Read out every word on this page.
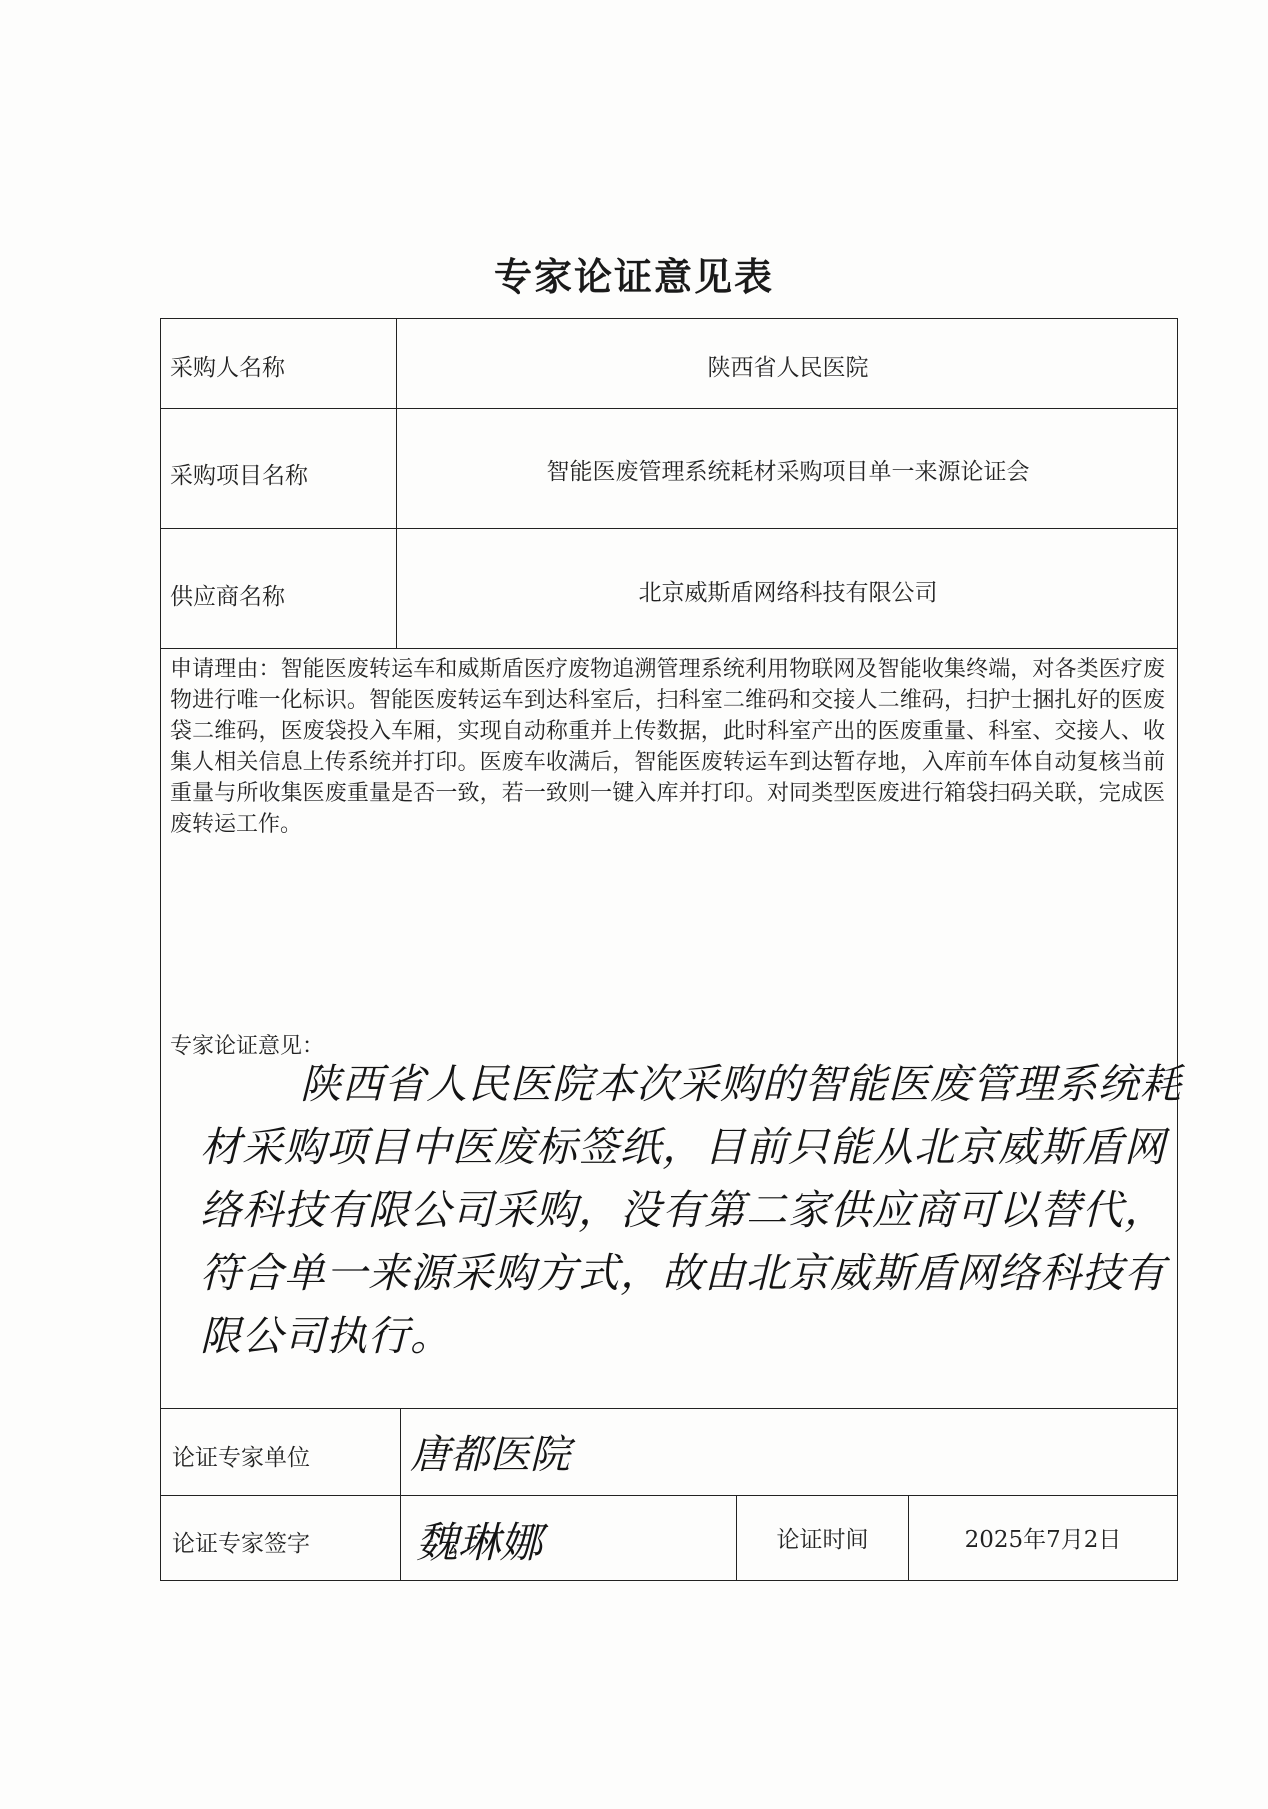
专家论证意见表
采购人名称	陕西省人民医院
采购项目名称	智能医废管理系统耗材采购项目单一来源论证会
供应商名称	北京威斯盾网络科技有限公司
申请理由：智能医废转运车和威斯盾医疗废物追溯管理系统利用物联网及智能收集终端，对各类医疗废物进行唯一化标识。智能医废转运车到达科室后，扫科室二维码和交接人二维码，扫护士捆扎好的医废袋二维码，医废袋投入车厢，实现自动称重并上传数据，此时科室产出的医废重量、科室、交接人、收集人相关信息上传系统并打印。医废车收满后，智能医废转运车到达暂存地，入库前车体自动复核当前重量与所收集医废重量是否一致，若一致则一键入库并打印。对同类型医废进行箱袋扫码关联，完成医废转运工作。
专家论证意见：
陕西省人民医院本次采购的智能医废管理系统耗
材采购项目中医废标签纸，目前只能从北京威斯盾网
络科技有限公司采购，没有第二家供应商可以替代，
符合单一来源采购方式，故由北京威斯盾网络科技有
限公司执行。
论证专家单位	唐都医院
论证专家签字	魏琳娜	论证时间	2025年7月2日
